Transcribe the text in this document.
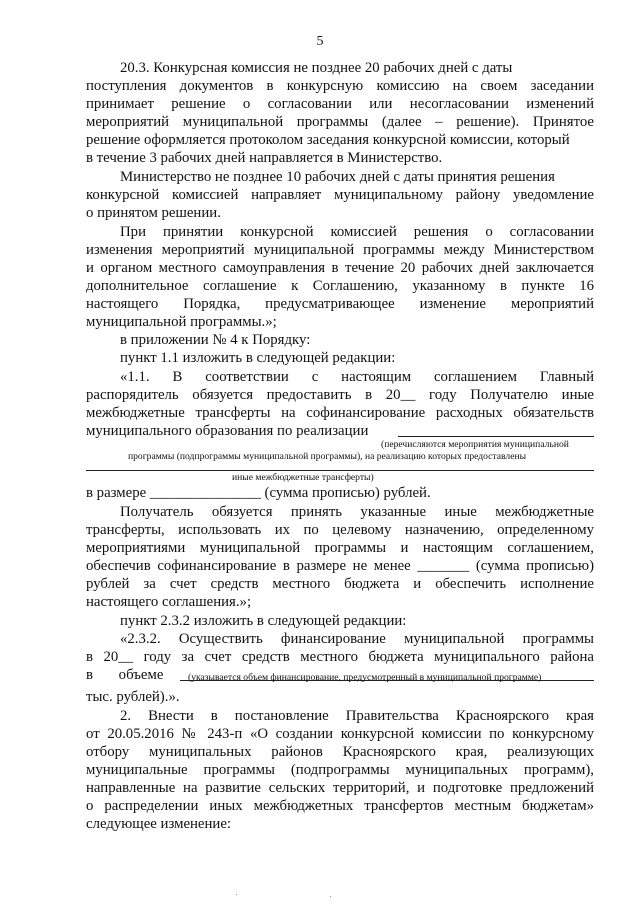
5
20.3. Конкурсная комиссия не позднее 20 рабочих дней с даты
поступления документов в конкурсную комиссию на своем заседании
принимает решение о согласовании или несогласовании изменений
мероприятий муниципальной программы (далее – решение). Принятое
решение оформляется протоколом заседания конкурсной комиссии, который
в течение 3 рабочих дней направляется в Министерство.
Министерство не позднее 10 рабочих дней с даты принятия решения
конкурсной комиссией направляет муниципальному району уведомление
о принятом решении.
При принятии конкурсной комиссией решения о согласовании
изменения мероприятий муниципальной программы между Министерством
и органом местного самоуправления в течение 20 рабочих дней заключается
дополнительное соглашение к Соглашению, указанному в пункте 16
настоящего Порядка, предусматривающее изменение мероприятий
муниципальной программы.»;
в приложении № 4 к Порядку:
пункт 1.1 изложить в следующей редакции:
«1.1. В соответствии с настоящим соглашением Главный
распорядитель обязуется предоставить в 20__ году Получателю иные
межбюджетные трансферты на софинансирование расходных обязательств
муниципального образования по реализации
(перечисляются мероприятия муниципальной
программы (подпрограммы муниципальной программы), на реализацию которых предоставлены
иные межбюджетные трансферты)
в размере _______________ (сумма прописью) рублей.
Получатель обязуется принять указанные иные межбюджетные
трансферты, использовать их по целевому назначению, определенному
мероприятиями муниципальной программы и настоящим соглашением,
обеспечив софинансирование в размере не менее _______ (сумма прописью)
рублей за счет средств местного бюджета и обеспечить исполнение
настоящего соглашения.»;
пункт 2.3.2 изложить в следующей редакции:
«2.3.2. Осуществить финансирование муниципальной программы
в 20__ году за счет средств местного бюджета муниципального района
в объеме	(указывается объем финансирование, предусмотренный в муниципальной программе)
тыс. рублей).».
2. Внести в постановление Правительства Красноярского края
от 20.05.2016 № 243-п «О создании конкурсной комиссии по конкурсному
отбору муниципальных районов Красноярского края, реализующих
муниципальные программы (подпрограммы муниципальных программ),
направленные на развитие сельских территорий, и подготовке предложений
о распределении иных межбюджетных трансфертов местным бюджетам»
следующее изменение:
